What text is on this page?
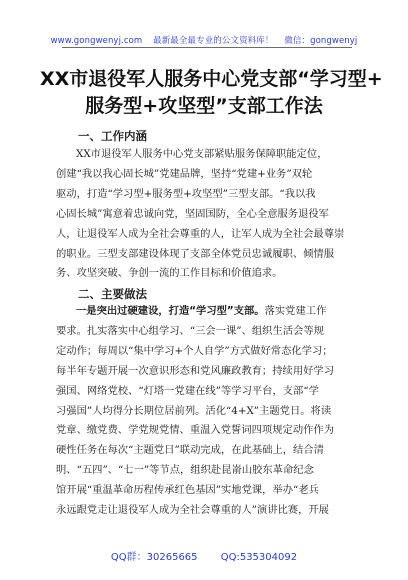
www.gongwenyj.com 最新最全最专业的公文资料库！ 微信：gongwenyj
XX市退役军人服务中心党支部“学习型+
服务型+攻坚型”支部工作法
一、工作内涵
XX市退役军人服务中心党支部紧贴服务保障职能定位，
创建“我以我心固长城”党建品牌，坚持“党建+业务”双轮
驱动，打造“学习型+服务型+攻坚型”三型支部。“我以我
心固长城”寓意着忠诚向党，坚固国防，全心全意服务退役军
人，让退役军人成为全社会尊重的人，让军人成为全社会最尊崇
的职业。三型支部建设体现了支部全体党员忠诚履职、倾情服
务、攻坚突破、争创一流的工作目标和价值追求。
二、主要做法
一是突出过硬建设，打造“学习型”支部。落实党建工作
要求。扎实落实中心组学习、“三会一课”、组织生活会等规
定动作；每周以“集中学习+个人自学”方式做好常态化学习；
每半年专题开展一次意识形态和党风廉政教育；持续用好学习
强国、网络党校、“灯塔一党建在线”等学习平台，支部“学
习强国”人均得分长期位居前列。活化“4+X”主题党日。将读
党章、缴党费、学党规党情、重温入党誓词四项规定动作作为
硬性任务在每次“主题党日”联动完成，在此基础上，结合清
明、“五四”、“七一”等节点，组织赴昆嵛山胶东革命纪念
馆开展“重温革命历程传承红色基因”实地党课，举办“老兵
永远跟党走让退役军人成为全社会尊重的人”演讲比赛，开展
QQ群：30265665 QQ:535304092
